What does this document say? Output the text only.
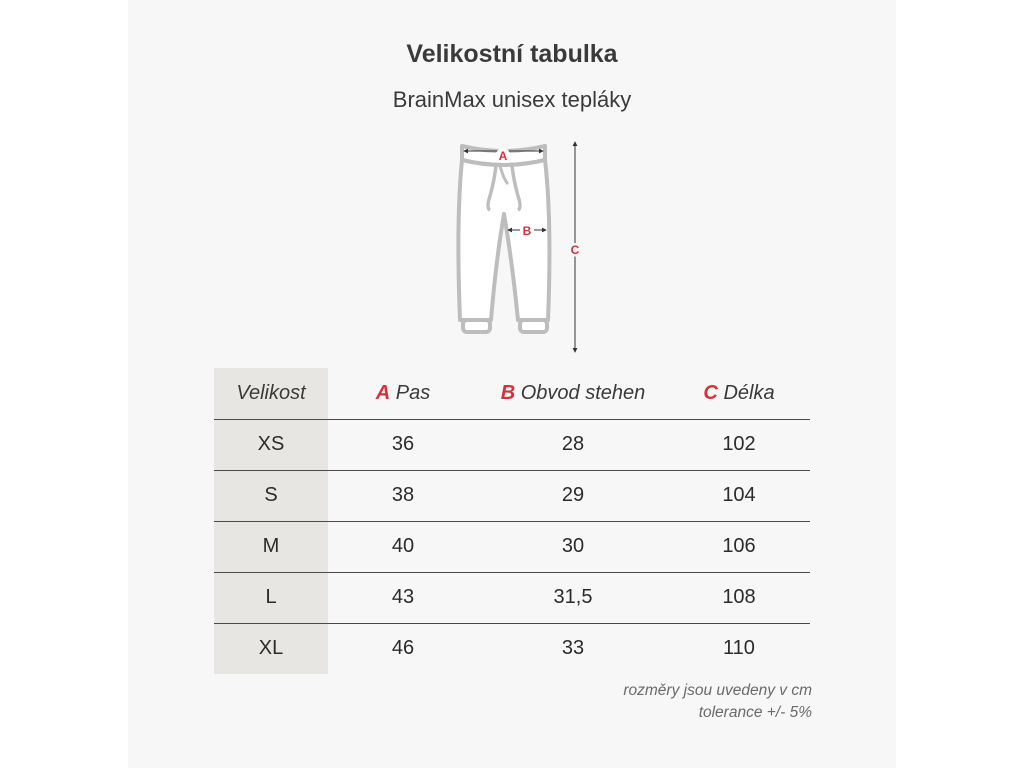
Velikostní tabulka
BrainMax unisex tepláky
A
B
C
Velikost	A Pas	B Obvod stehen	C Délka
XS	36	28	102
S	38	29	104
M	40	30	106
L	43	31,5	108
XL	46	33	110
rozměry jsou uvedeny v cm
tolerance +/- 5%
